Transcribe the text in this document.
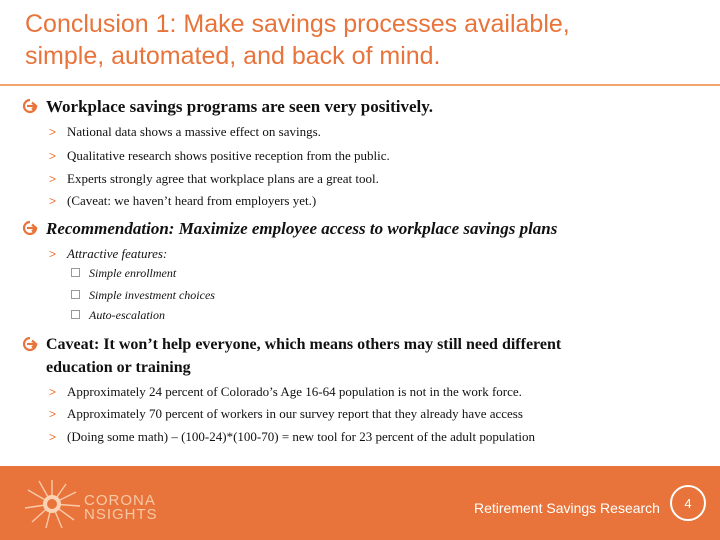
Conclusion 1: Make savings processes available,
simple, automated, and back of mind.
Workplace savings programs are seen very positively.
> National data shows a massive effect on savings.
> Qualitative research shows positive reception from the public.
> Experts strongly agree that workplace plans are a great tool.
> (Caveat: we haven’t heard from employers yet.)
Recommendation: Maximize employee access to workplace savings plans
> Attractive features:
Simple enrollment
Simple investment choices
Auto-escalation
Caveat: It won’t help everyone, which means others may still need different
education or training
> Approximately 24 percent of Colorado’s Age 16-64 population is not in the work force.
> Approximately 70 percent of workers in our survey report that they already have access
> (Doing some math) – (100-24)*(100-70) = new tool for 23 percent of the adult population
CORONA
NSIGHTS	Retirement Savings Research 4
